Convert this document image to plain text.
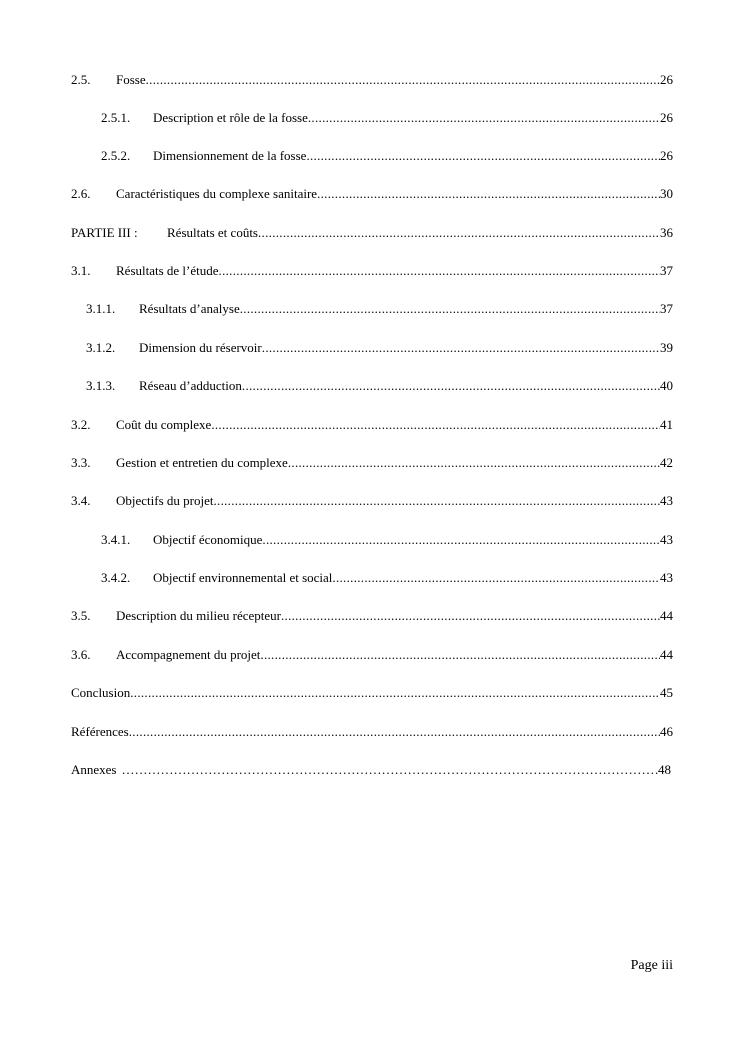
2.5. Fosse .....	26
2.5.1. Description et rôle de la fosse .....	26
2.5.2. Dimensionnement de la fosse .....	26
2.6. Caractéristiques du complexe sanitaire .....	30
PARTIE III : Résultats et coûts .....	36
3.1. Résultats de l’étude .....	37
3.1.1. Résultats d’analyse .....	37
3.1.2. Dimension du réservoir .....	39
3.1.3. Réseau d’adduction .....	40
3.2. Coût du complexe .....	41
3.3. Gestion et entretien du complexe .....	42
3.4. Objectifs du projet .....	43
3.4.1. Objectif économique .....	43
3.4.2. Objectif environnemental et social .....	43
3.5. Description du milieu récepteur .....	44
3.6. Accompagnement du projet .....	44
Conclusion .....	45
Références .....	46
Annexes …………………………………………………………………………………………………………………………………………………………………………………………………………………………………	48
Page iii
